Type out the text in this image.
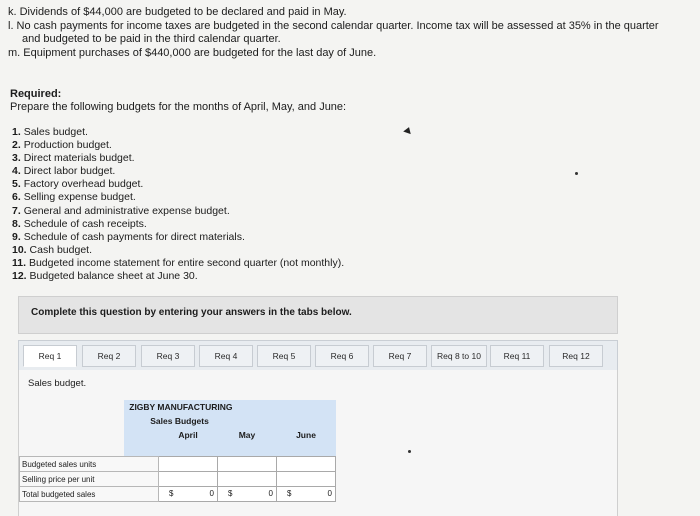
k. Dividends of $44,000 are budgeted to be declared and paid in May.
l. No cash payments for income taxes are budgeted in the second calendar quarter. Income tax will be assessed at 35% in the quarter
and budgeted to be paid in the third calendar quarter.
m. Equipment purchases of $440,000 are budgeted for the last day of June.
Required:
Prepare the following budgets for the months of April, May, and June:
1. Sales budget.
2. Production budget.
3. Direct materials budget.
4. Direct labor budget.
5. Factory overhead budget.
6. Selling expense budget.
7. General and administrative expense budget.
8. Schedule of cash receipts.
9. Schedule of cash payments for direct materials.
10. Cash budget.
11. Budgeted income statement for entire second quarter (not monthly).
12. Budgeted balance sheet at June 30.
Complete this question by entering your answers in the tabs below.
Req 1	Req 2	Req 3	Req 4	Req 5	Req 6	Req 7	Req 8 to 10	Req 11	Req 12
Sales budget.
	ZIGBY MANUFACTURING			
	Sales Budgets			
		April	May	June

Budgeted sales units				
Selling price per unit				
Total budgeted sales		$ 0	$ 0	$ 0
